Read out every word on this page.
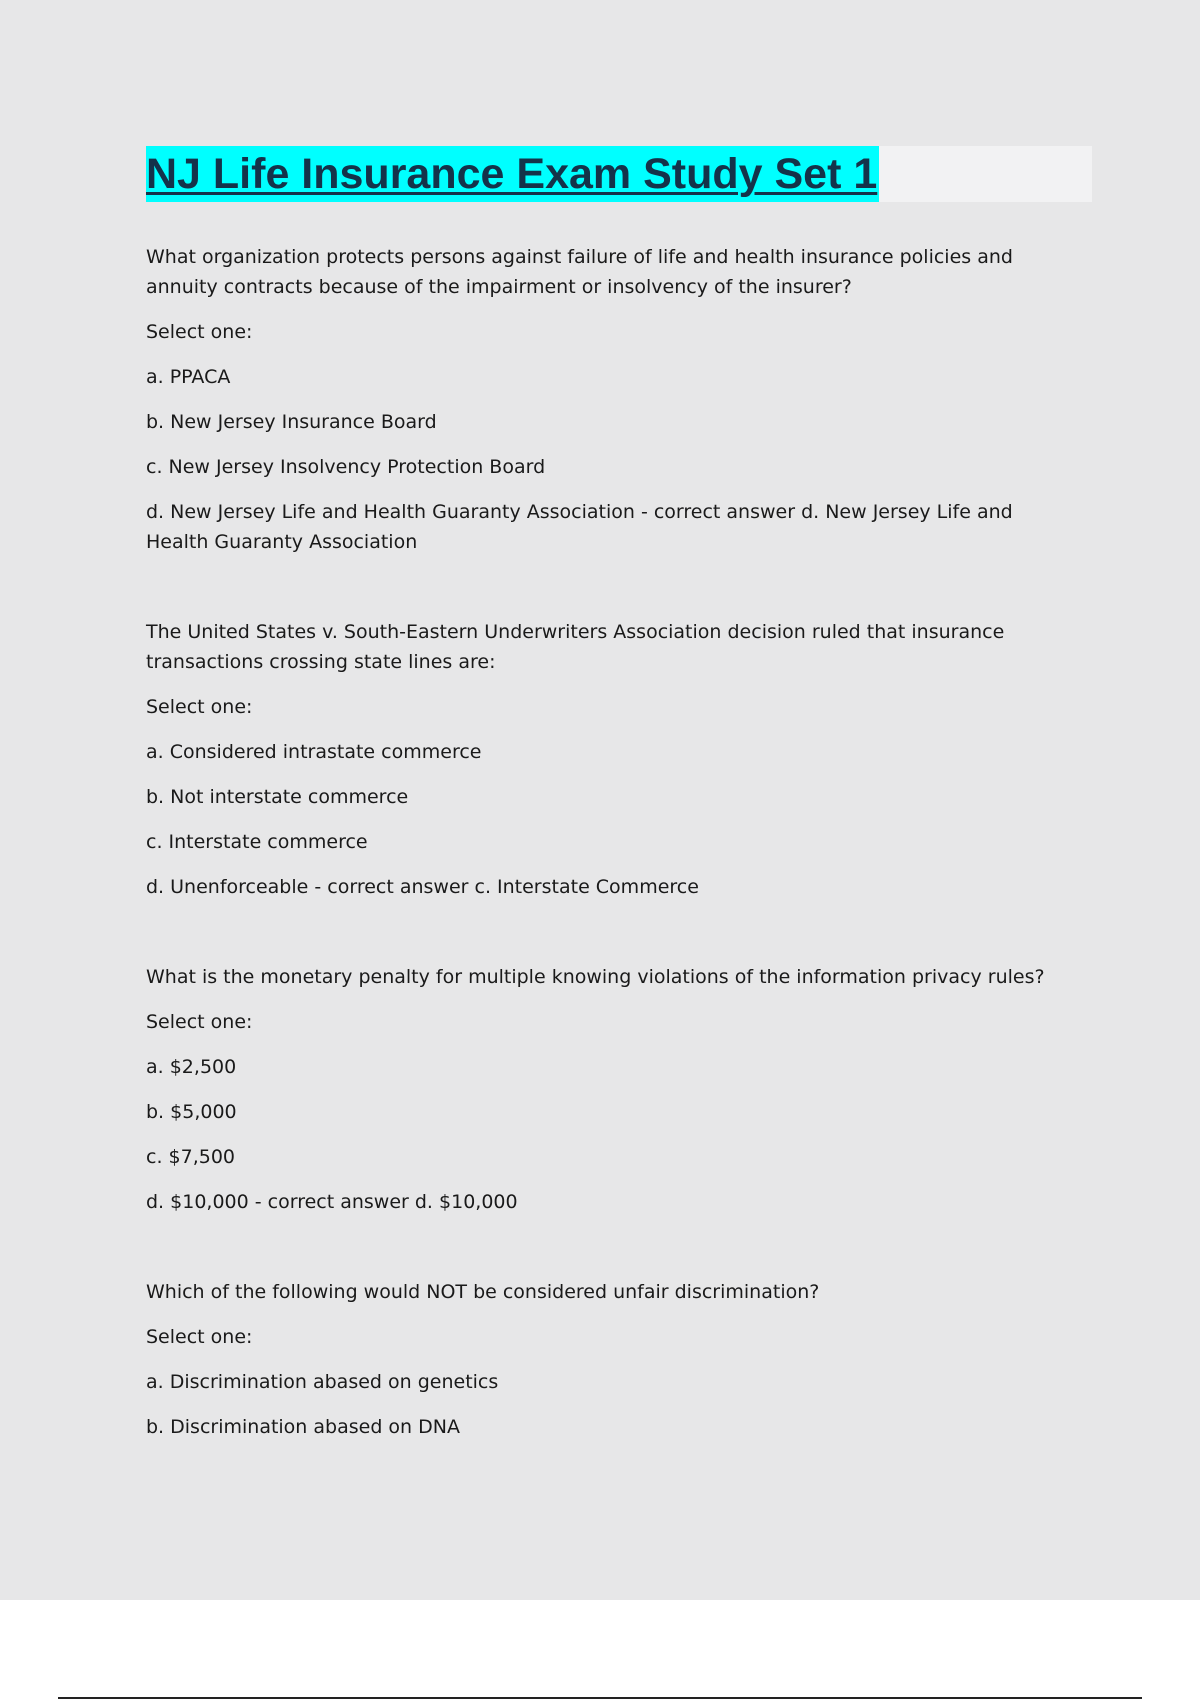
NJ Life Insurance Exam Study Set 1

What organization protects persons against failure of life and health insurance policies and annuity contracts because of the impairment or insolvency of the insurer?

Select one:

a. PPACA

b. New Jersey Insurance Board

c. New Jersey Insolvency Protection Board

d. New Jersey Life and Health Guaranty Association - correct answer d. New Jersey Life and Health Guaranty Association

The United States v. South-Eastern Underwriters Association decision ruled that insurance transactions crossing state lines are:

Select one:

a. Considered intrastate commerce

b. Not interstate commerce

c. Interstate commerce

d. Unenforceable - correct answer c. Interstate Commerce

What is the monetary penalty for multiple knowing violations of the information privacy rules?

Select one:

a. $2,500

b. $5,000

c. $7,500

d. $10,000 - correct answer d. $10,000

Which of the following would NOT be considered unfair discrimination?

Select one:

a. Discrimination abased on genetics

b. Discrimination abased on DNA
